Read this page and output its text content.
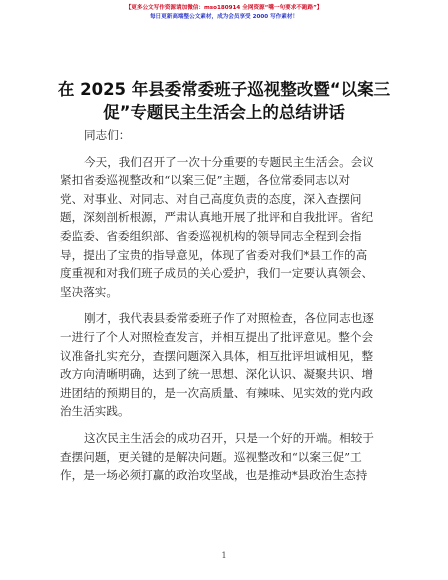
【更多公文写作资源请加微信：mso180914 全网资源“嘴一句要求不跑路”】
每日更新高端整公文素材，成为会员享受 2000 写作素材！
在 2025 年县委常委班子巡视整改暨“以案三
促”专题民主生活会上的总结讲话
同志们：
今天，我们召开了一次十分重要的专题民主生活会。会议
紧扣省委巡视整改和“以案三促”主题，各位常委同志以对
党、对事业、对同志、对自己高度负责的态度，深入查摆问
题，深刻剖析根源，严肃认真地开展了批评和自我批评。省纪
委监委、省委组织部、省委巡视机构的领导同志全程到会指
导，提出了宝贵的指导意见，体现了省委对我们*县工作的高
度重视和对我们班子成员的关心爱护，我们一定要认真领会、
坚决落实。
刚才，我代表县委常委班子作了对照检查，各位同志也逐
一进行了个人对照检查发言，并相互提出了批评意见。整个会
议准备扎实充分，查摆问题深入具体，相互批评坦诚相见，整
改方向清晰明确，达到了统一思想、深化认识、凝聚共识、增
进团结的预期目的，是一次高质量、有辣味、见实效的党内政
治生活实践。
这次民主生活会的成功召开，只是一个好的开端。相较于
查摆问题，更关键的是解决问题。巡视整改和“以案三促”工
作，是一场必须打赢的政治攻坚战，也是推动*县政治生态持
1
